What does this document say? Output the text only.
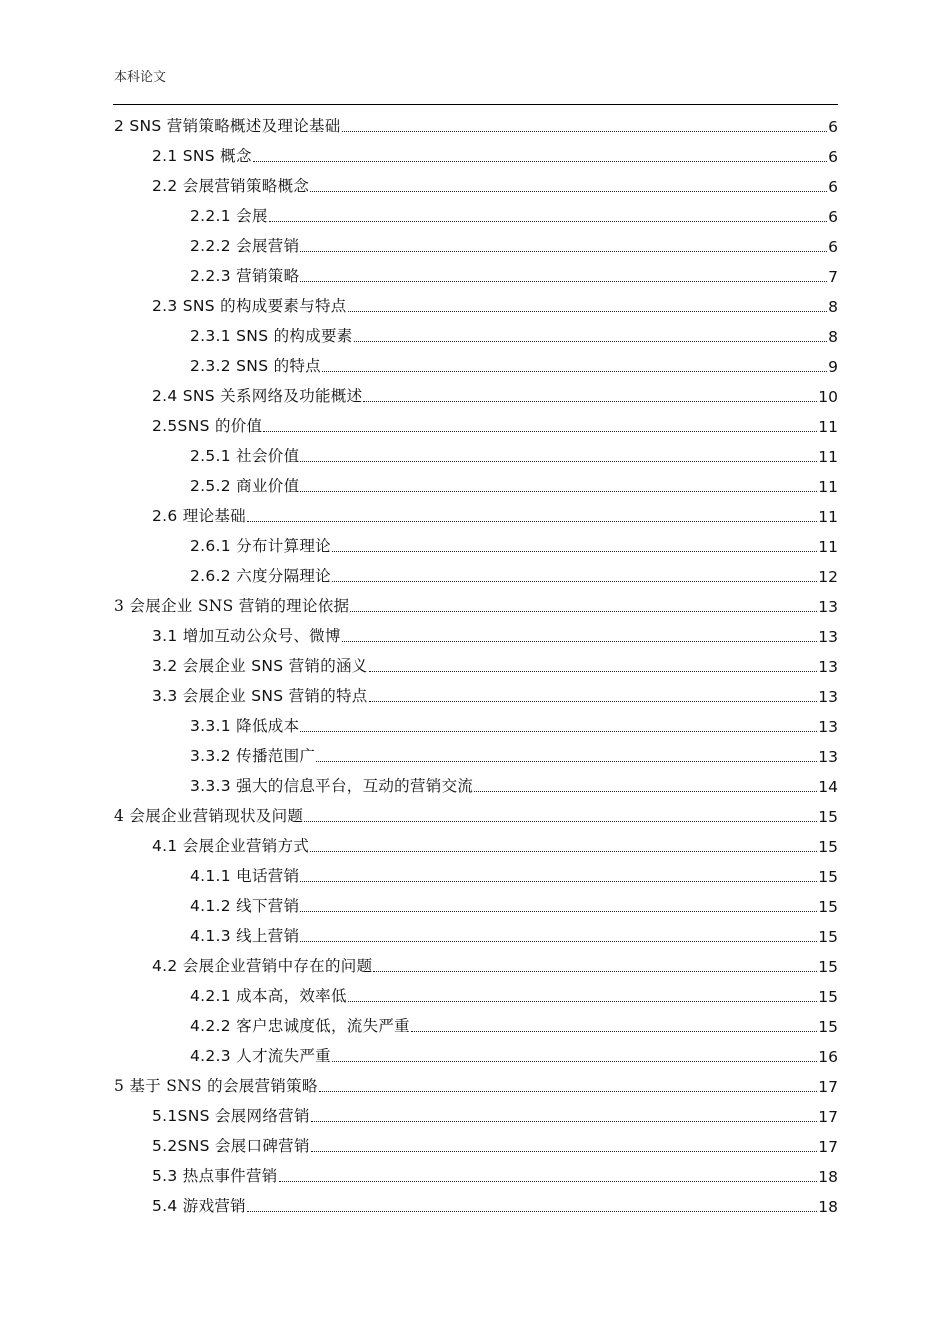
本科论文
2 SNS 营销策略概述及理论基础	6
2.1 SNS 概念	6
2.2 会展营销策略概念	6
2.2.1 会展	6
2.2.2 会展营销	6
2.2.3 营销策略	7
2.3 SNS 的构成要素与特点	8
2.3.1 SNS 的构成要素	8
2.3.2 SNS 的特点	9
2.4 SNS 关系网络及功能概述	10
2.5SNS 的价值	11
2.5.1 社会价值	11
2.5.2 商业价值	11
2.6 理论基础	11
2.6.1 分布计算理论	11
2.6.2 六度分隔理论	12
3 会展企业 SNS 营销的理论依据	13
3.1 增加互动公众号、微博	13
3.2 会展企业 SNS 营销的涵义	13
3.3 会展企业 SNS 营销的特点	13
3.3.1 降低成本	13
3.3.2 传播范围广	13
3.3.3 强大的信息平台，互动的营销交流	14
4 会展企业营销现状及问题	15
4.1 会展企业营销方式	15
4.1.1 电话营销	15
4.1.2 线下营销	15
4.1.3 线上营销	15
4.2 会展企业营销中存在的问题	15
4.2.1 成本高，效率低	15
4.2.2 客户忠诚度低，流失严重	15
4.2.3 人才流失严重	16
5 基于 SNS 的会展营销策略	17
5.1SNS 会展网络营销	17
5.2SNS 会展口碑营销	17
5.3 热点事件营销	18
5.4 游戏营销	18
